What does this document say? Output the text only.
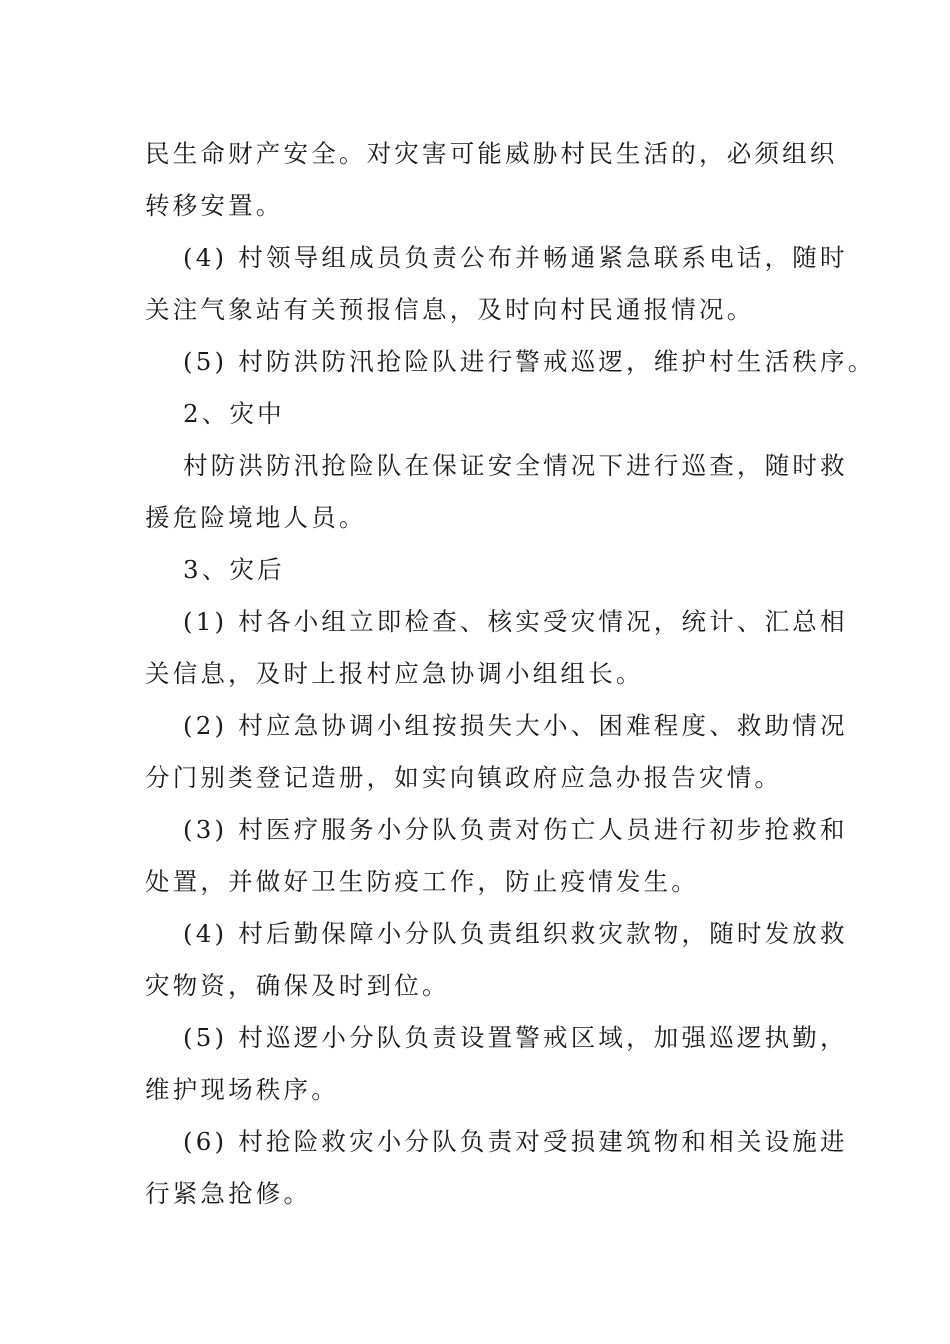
民生命财产安全。对灾害可能威胁村民生活的，必须组织
转移安置。

(4) 村领导组成员负责公布并畅通紧急联系电话，随时
关注气象站有关预报信息，及时向村民通报情况。

(5) 村防洪防汛抢险队进行警戒巡逻，维护村生活秩序。

2、灾中

村防洪防汛抢险队在保证安全情况下进行巡查，随时救
援危险境地人员。

3、灾后

(1) 村各小组立即检查、核实受灾情况，统计、汇总相
关信息，及时上报村应急协调小组组长。

(2) 村应急协调小组按损失大小、困难程度、救助情况
分门别类登记造册，如实向镇政府应急办报告灾情。

(3) 村医疗服务小分队负责对伤亡人员进行初步抢救和
处置，并做好卫生防疫工作，防止疫情发生。

(4) 村后勤保障小分队负责组织救灾款物，随时发放救
灾物资，确保及时到位。

(5) 村巡逻小分队负责设置警戒区域，加强巡逻执勤，
维护现场秩序。

(6) 村抢险救灾小分队负责对受损建筑物和相关设施进
行紧急抢修。
